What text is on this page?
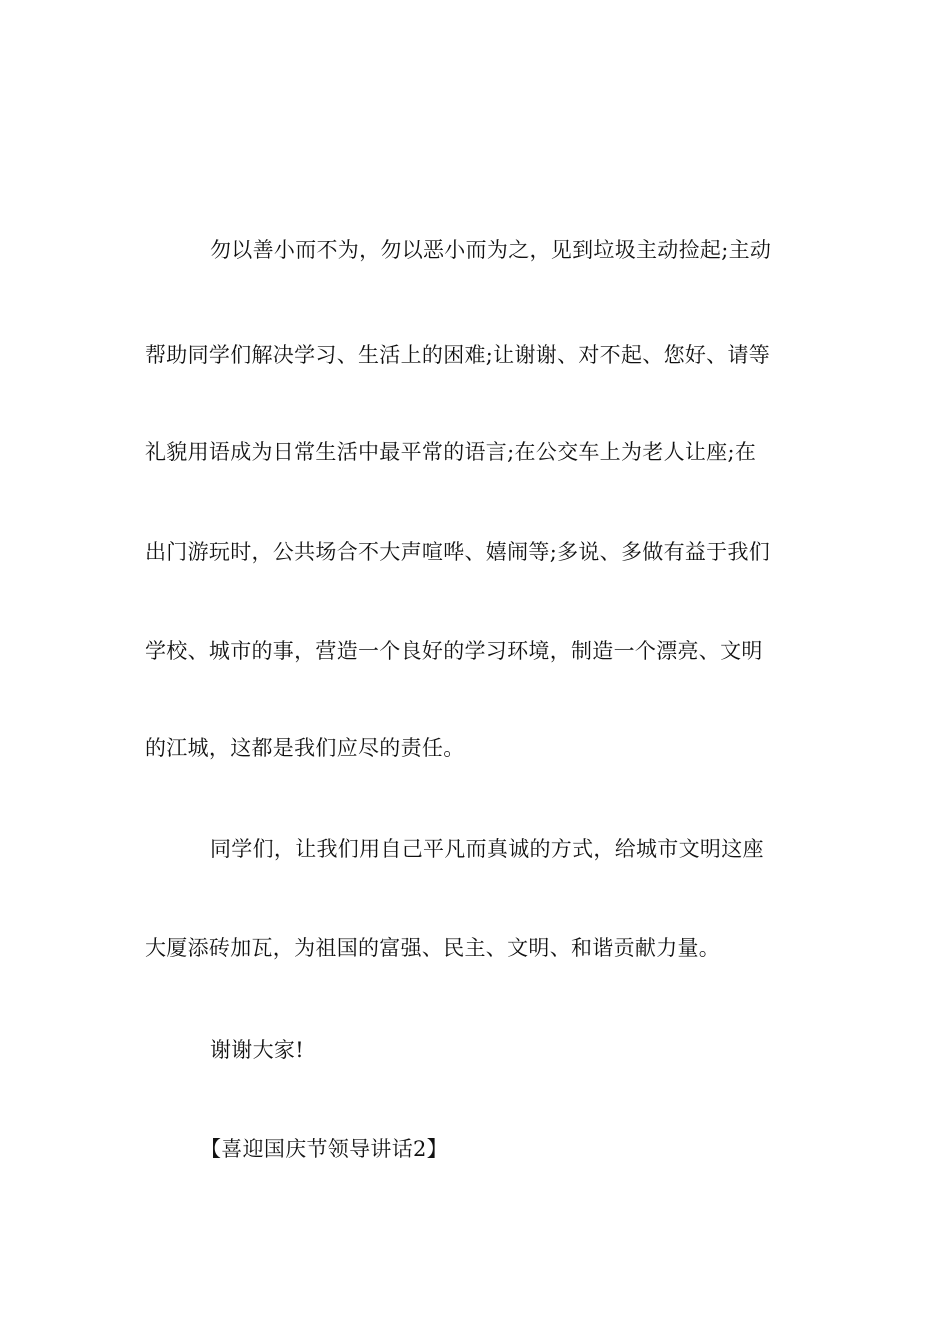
勿以善小而不为，勿以恶小而为之，见到垃圾主动捡起;主动
帮助同学们解决学习、生活上的困难;让谢谢、对不起、您好、请等
礼貌用语成为日常生活中最平常的语言;在公交车上为老人让座;在
出门游玩时，公共场合不大声喧哗、嬉闹等;多说、多做有益于我们
学校、城市的事，营造一个良好的学习环境，制造一个漂亮、文明
的江城，这都是我们应尽的责任。
同学们，让我们用自己平凡而真诚的方式，给城市文明这座
大厦添砖加瓦，为祖国的富强、民主、文明、和谐贡献力量。
谢谢大家!
【喜迎国庆节领导讲话2】
